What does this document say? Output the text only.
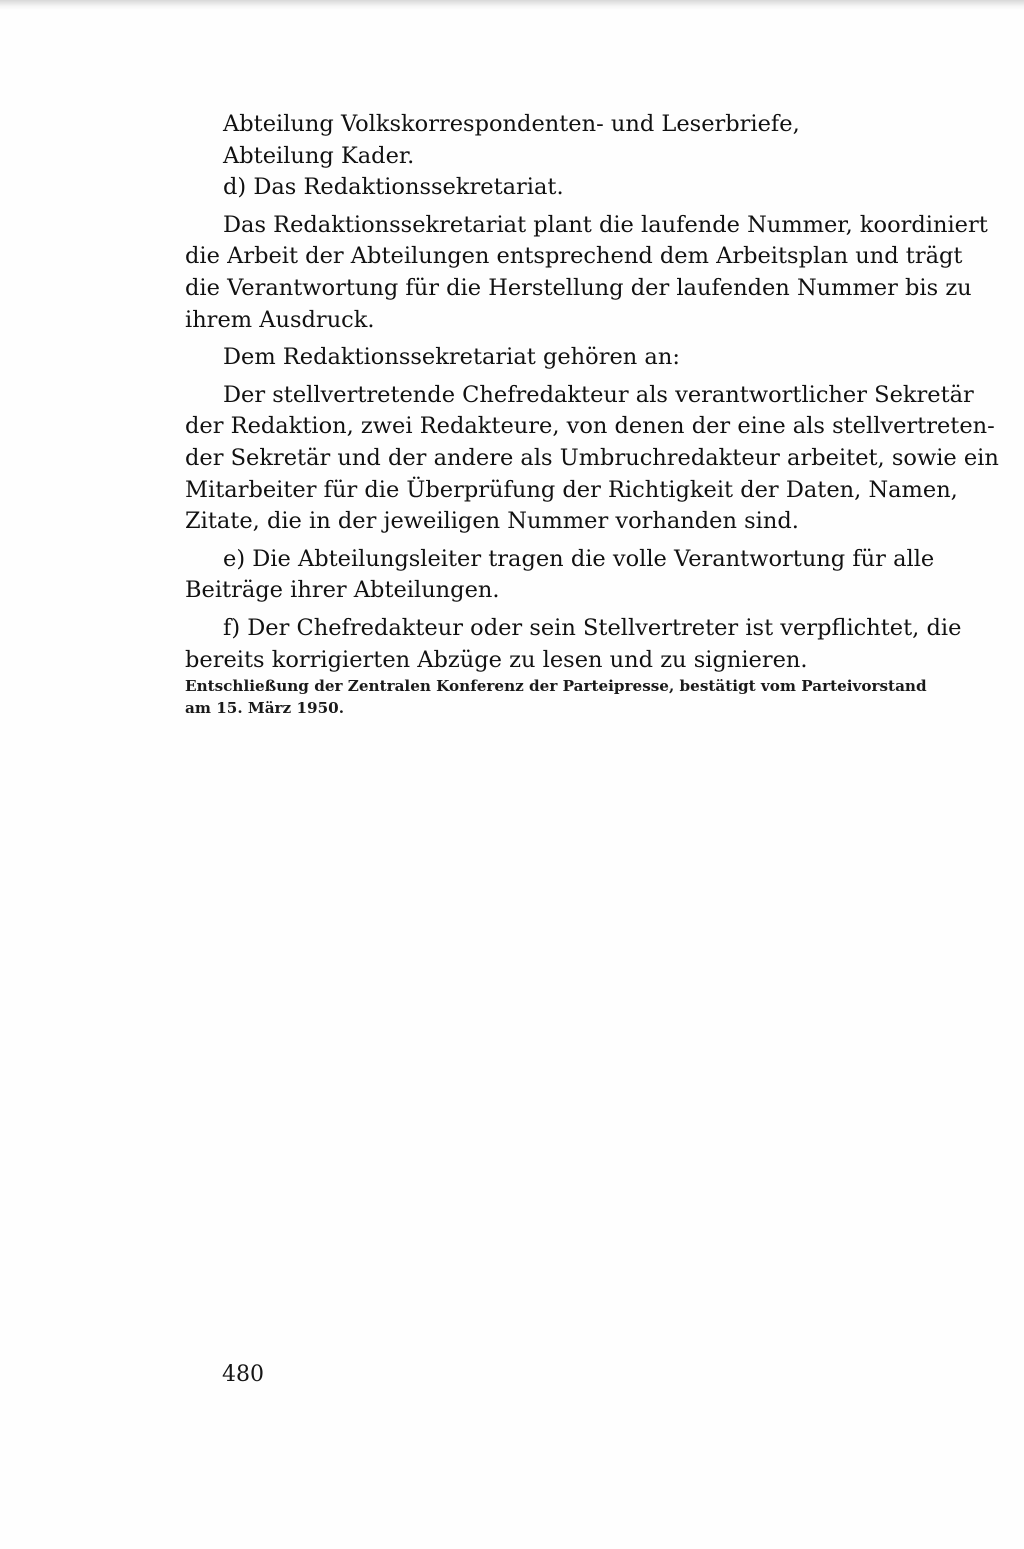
Abteilung Volkskorrespondenten- und Leserbriefe,
Abteilung Kader.
d) Das Redaktionssekretariat.
Das Redaktionssekretariat plant die laufende Nummer, koordiniert
die Arbeit der Abteilungen entsprechend dem Arbeitsplan und trägt
die Verantwortung für die Herstellung der laufenden Nummer bis zu
ihrem Ausdruck.
Dem Redaktionssekretariat gehören an:
Der stellvertretende Chefredakteur als verantwortlicher Sekretär
der Redaktion, zwei Redakteure, von denen der eine als stellvertreten-
der Sekretär und der andere als Umbruchredakteur arbeitet, sowie ein
Mitarbeiter für die Überprüfung der Richtigkeit der Daten, Namen,
Zitate, die in der jeweiligen Nummer vorhanden sind.
e) Die Abteilungsleiter tragen die volle Verantwortung für alle
Beiträge ihrer Abteilungen.
f) Der Chefredakteur oder sein Stellvertreter ist verpflichtet, die
bereits korrigierten Abzüge zu lesen und zu signieren.
Entschließung der Zentralen Konferenz der Parteipresse, bestätigt vom Parteivorstand
am 15. März 1950.
480
